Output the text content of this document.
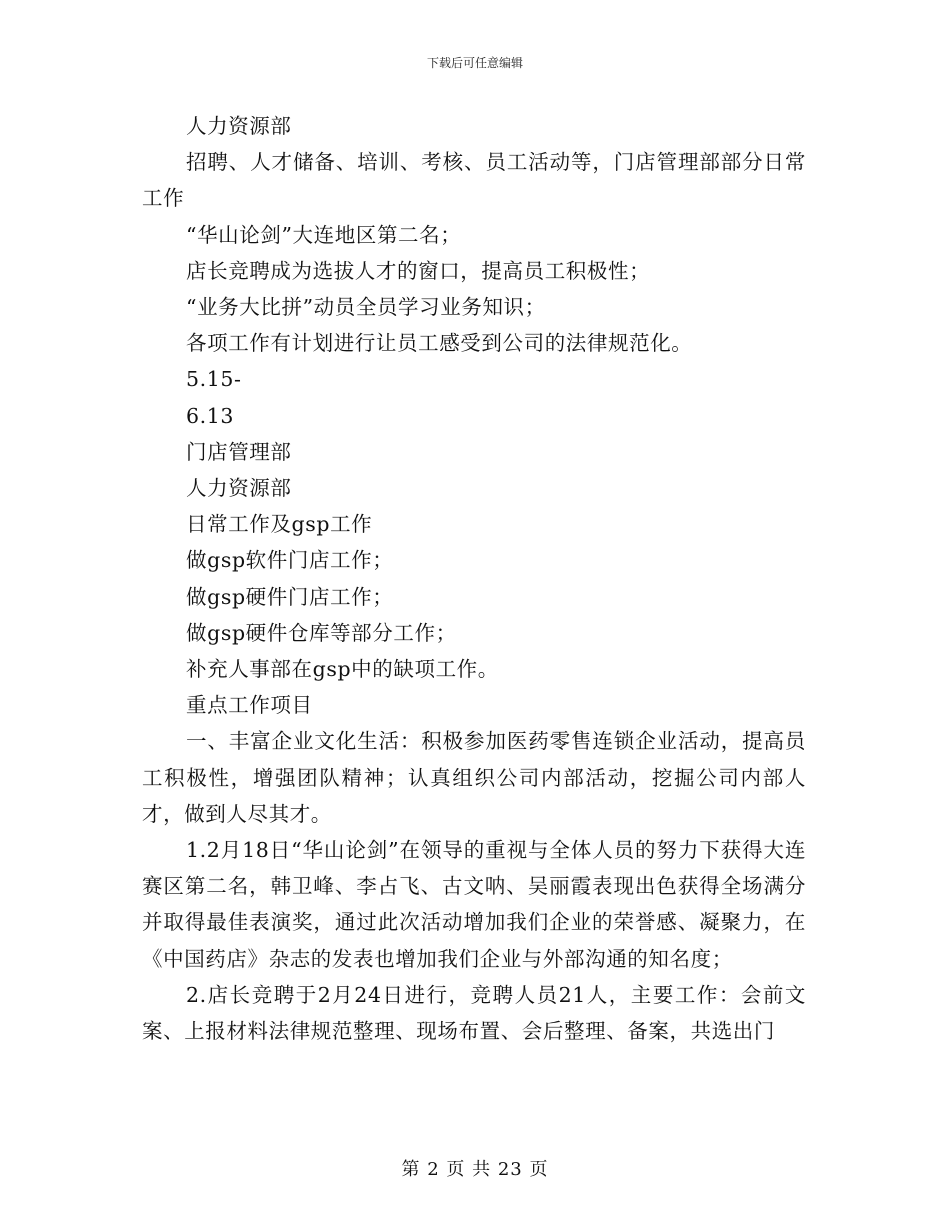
下载后可任意编辑

人力资源部

招聘、人才储备、培训、考核、员工活动等，门店管理部部分日常工作

“华山论剑”大连地区第二名；

店长竞聘成为选拔人才的窗口，提高员工积极性；

“业务大比拼”动员全员学习业务知识；

各项工作有计划进行让员工感受到公司的法律规范化。

5.15-

6.13

门店管理部

人力资源部

日常工作及gsp工作

做gsp软件门店工作；

做gsp硬件门店工作；

做gsp硬件仓库等部分工作；

补充人事部在gsp中的缺项工作。

重点工作项目

一、丰富企业文化生活：积极参加医药零售连锁企业活动，提高员工积极性，增强团队精神；认真组织公司内部活动，挖掘公司内部人才，做到人尽其才。

1.2月18日“华山论剑”在领导的重视与全体人员的努力下获得大连赛区第二名，韩卫峰、李占飞、古文呐、吴丽霞表现出色获得全场满分并取得最佳表演奖，通过此次活动增加我们企业的荣誉感、凝聚力，在《中国药店》杂志的发表也增加我们企业与外部沟通的知名度；

2.店长竞聘于2月24日进行，竞聘人员21人，主要工作：会前文案、上报材料法律规范整理、现场布置、会后整理、备案，共选出门

第 2 页 共 23 页
